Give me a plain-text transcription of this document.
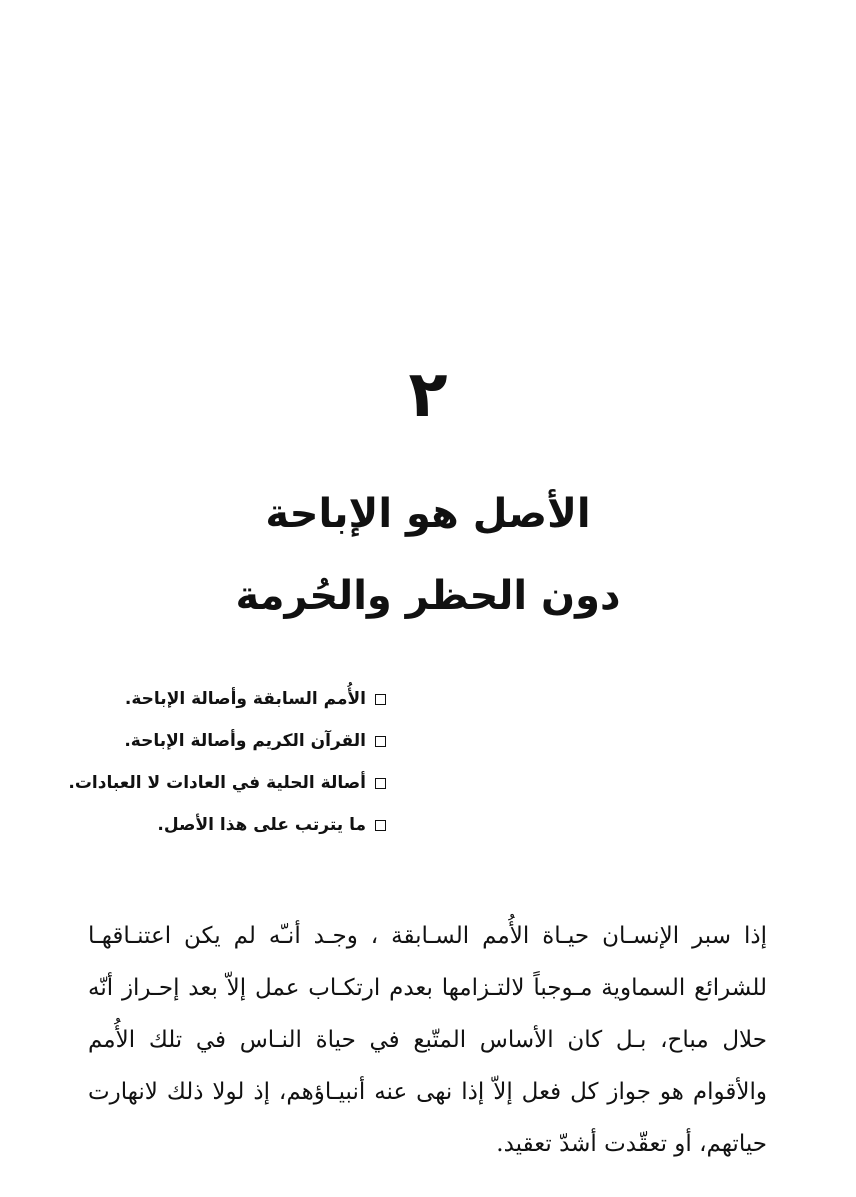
٢
الأصل هو الإباحة
دون الحظر والحُرمة
الأُمم السابقة وأصالة الإباحة.
القرآن الكريم وأصالة الإباحة.
أصالة الحلية في العادات لا العبادات.
ما يترتب على هذا الأصل.

إذا سبر الإنسـان حيـاة الأُمم السـابقة ، وجـد أنـّه لم يكن اعتنـاقهـا للشرائع السماوية مـوجباً لالتـزامها بعدم ارتكـاب عمل إلاّ بعد إحـراز أنّه حلال مباح، بـل كان الأساس المتّبع في حياة النـاس في تلك الأُمم والأقوام هو جواز كل فعل إلاّ إذا نهى عنه أنبيـاؤهم، إذ لولا ذلك لانهارت حياتهم، أو تعقّدت أشدّ تعقيد.
